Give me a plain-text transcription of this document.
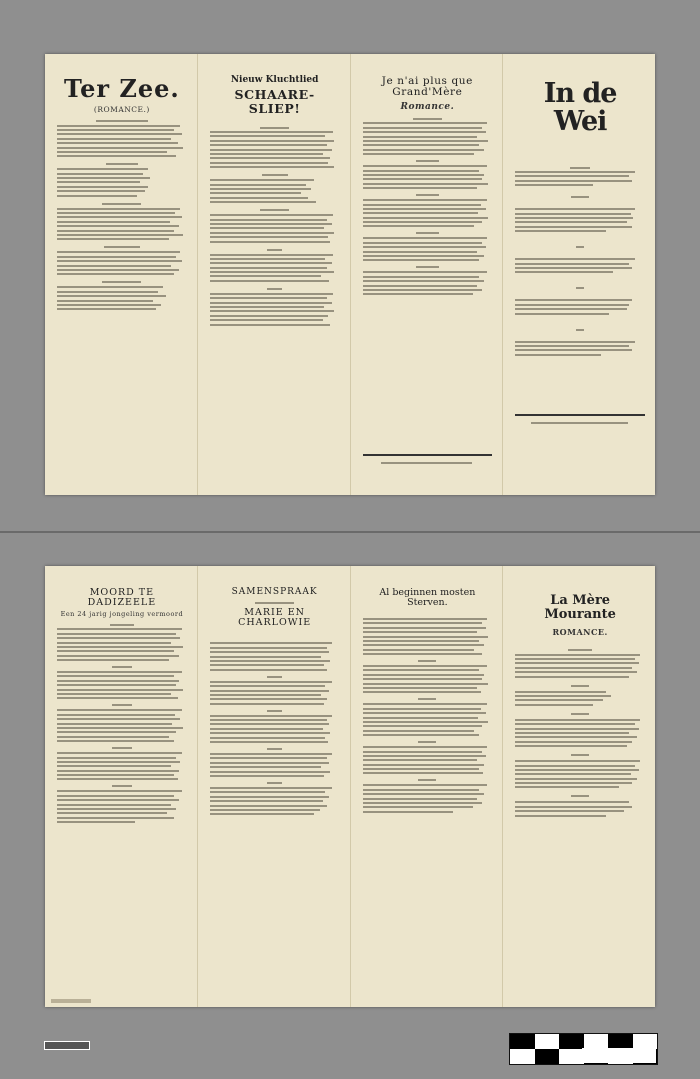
Ter Zee.
(ROMANCE.)
Nieuw Kluchtlied
SCHAARE-SLIEP!
Je n'ai plus que Grand'Mère
Romance.	In de Wei
MOORD TE DADIZEELE
Een 24 jarig jongeling vermoord
SAMENSPRAAK
MARIE EN CHARLOWIE
Al beginnen mosten Sterven.	La Mère Mourante
ROMANCE.
